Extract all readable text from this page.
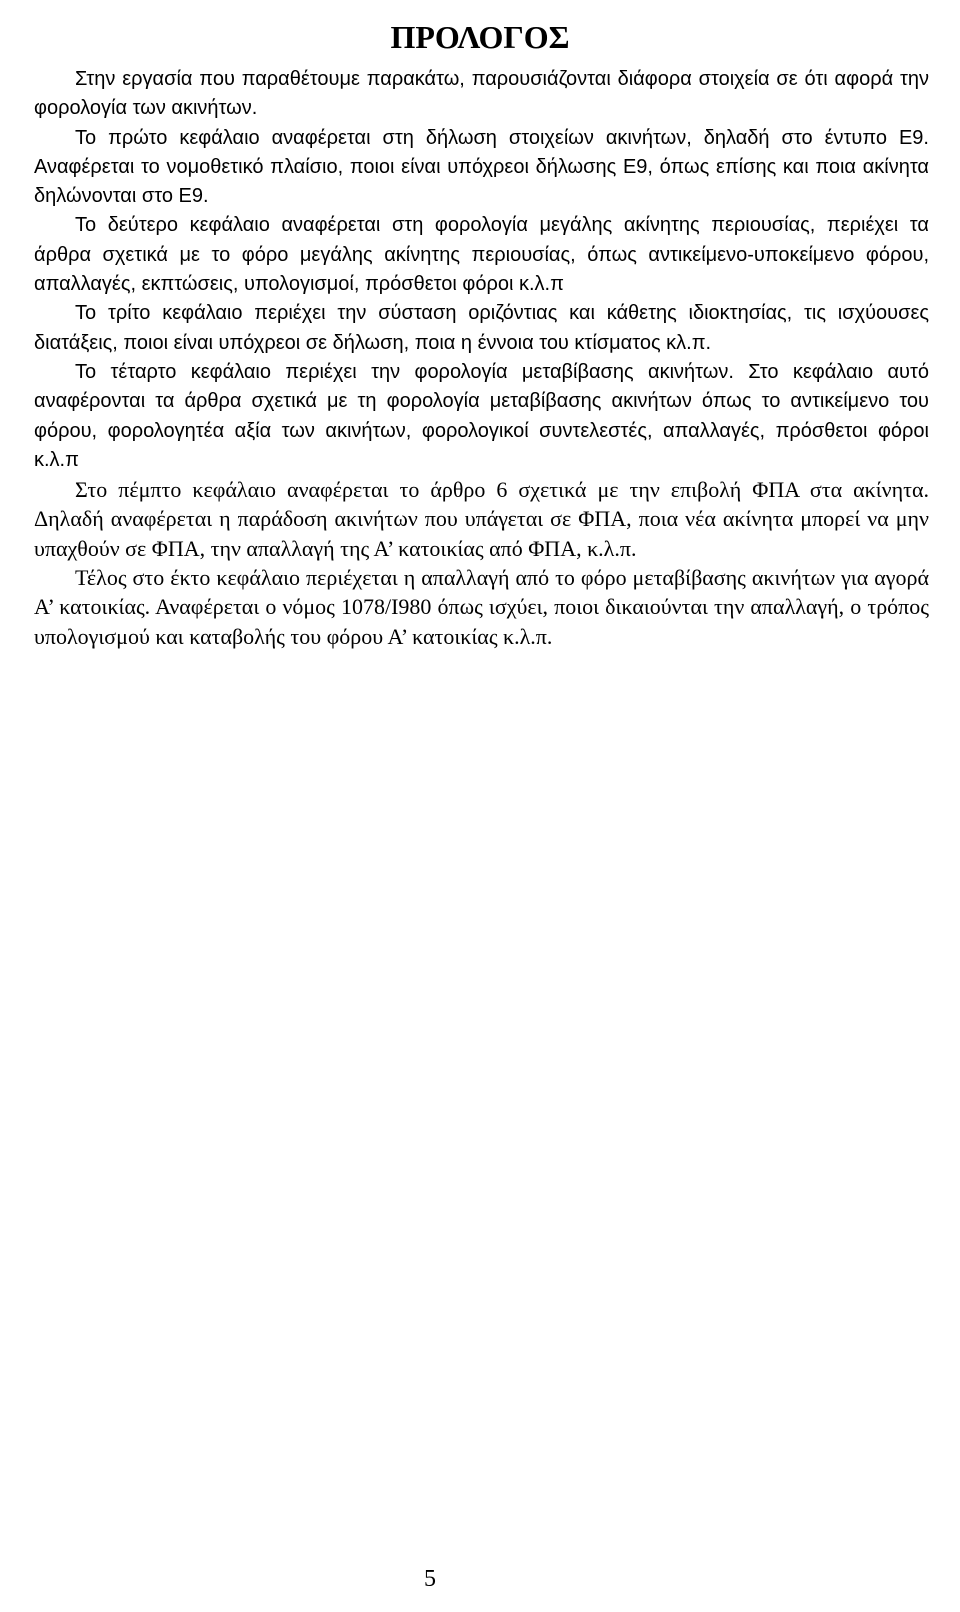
ΠΡΟΛΟΓΟΣ

Στην εργασία που παραθέτουμε παρακάτω, παρουσιάζονται διάφορα στοιχεία σε ότι αφορά την φορολογία των ακινήτων.

Το πρώτο κεφάλαιο αναφέρεται στη δήλωση στοιχείων ακινήτων, δηλαδή στο έντυπο Ε9. Αναφέρεται το νομοθετικό πλαίσιο, ποιοι είναι υπόχρεοι δήλωσης Ε9, όπως επίσης και ποια ακίνητα δηλώνονται στο Ε9.

Το δεύτερο κεφάλαιο αναφέρεται στη φορολογία μεγάλης ακίνητης περιουσίας, περιέχει τα άρθρα σχετικά με το φόρο μεγάλης ακίνητης περιουσίας, όπως αντικείμενο-υποκείμενο φόρου, απαλλαγές, εκπτώσεις, υπολογισμοί, πρόσθετοι φόροι κ.λ.π

Το τρίτο κεφάλαιο περιέχει την σύσταση οριζόντιας και κάθετης ιδιοκτησίας, τις ισχύουσες διατάξεις, ποιοι είναι υπόχρεοι σε δήλωση, ποια η έννοια του κτίσματος κλ.π.

Το τέταρτο κεφάλαιο περιέχει την φορολογία μεταβίβασης ακινήτων. Στο κεφάλαιο αυτό αναφέρονται τα άρθρα σχετικά με τη φορολογία μεταβίβασης ακινήτων όπως το αντικείμενο του φόρου, φορολογητέα αξία των ακινήτων, φορολογικοί συντελεστές, απαλλαγές, πρόσθετοι φόροι κ.λ.π

Στο πέμπτο κεφάλαιο αναφέρεται το άρθρο 6 σχετικά με την επιβολή ΦΠΑ στα ακίνητα. Δηλαδή αναφέρεται η παράδοση ακινήτων που υπάγεται σε ΦΠΑ, ποια νέα ακίνητα μπορεί να μην υπαχθούν σε ΦΠΑ, την απαλλαγή της Α’ κατοικίας από ΦΠΑ, κ.λ.π.

Τέλος στο έκτο κεφάλαιο περιέχεται η απαλλαγή από το φόρο μεταβίβασης ακινήτων για αγορά Α’ κατοικίας. Αναφέρεται ο νόμος 1078/Ι980 όπως ισχύει, ποιοι δικαιούνται την απαλλαγή, ο τρόπος υπολογισμού και καταβολής του φόρου Α’ κατοικίας κ.λ.π.

5
